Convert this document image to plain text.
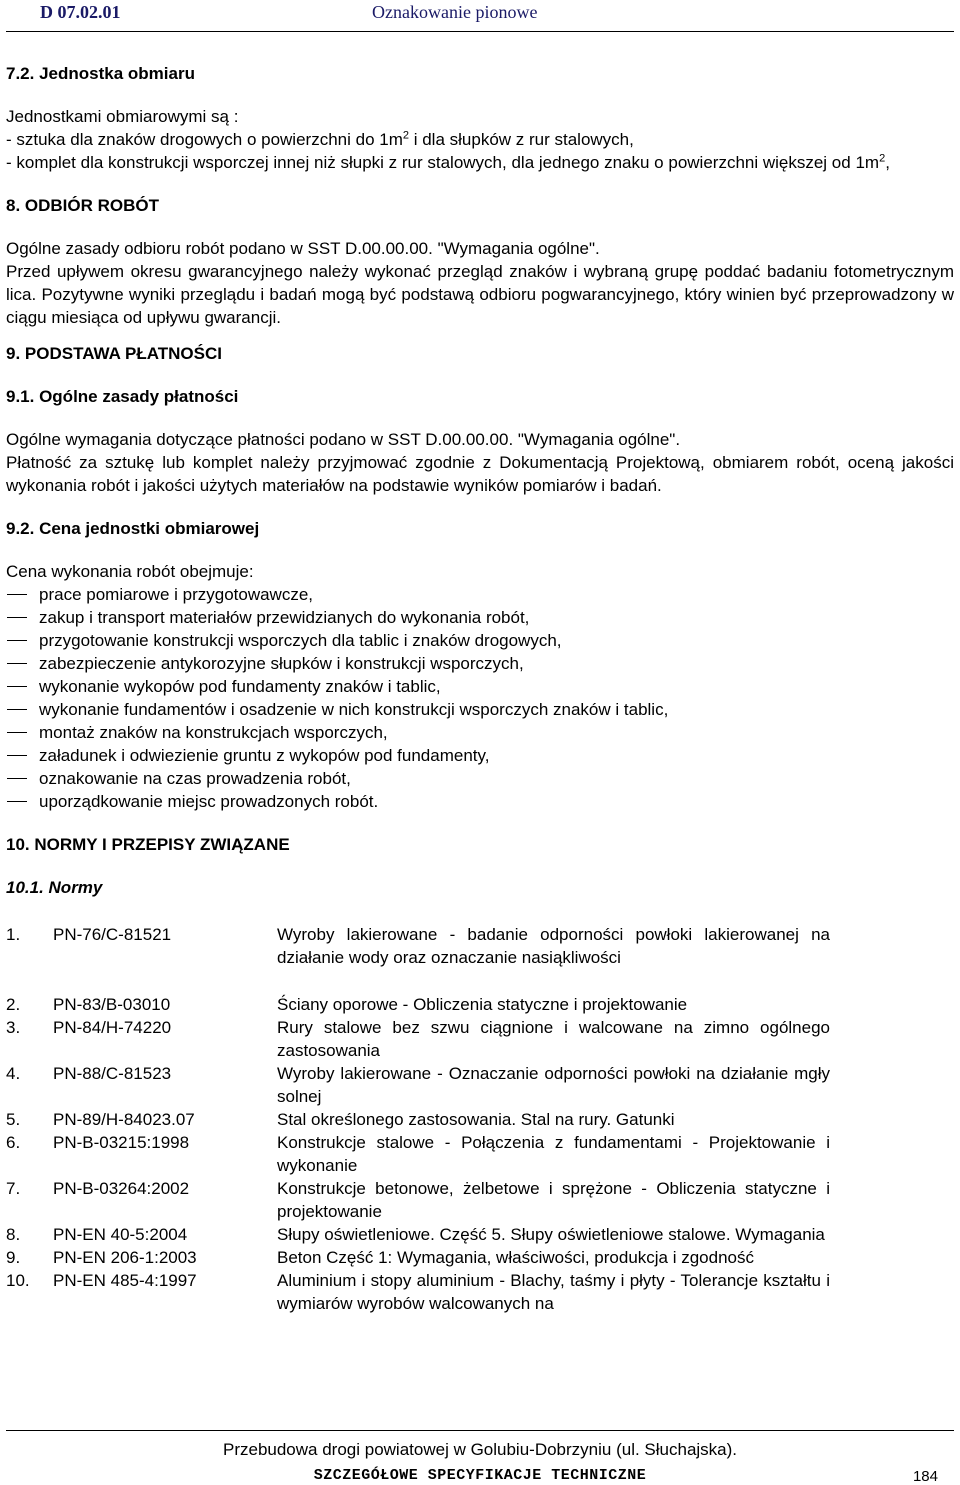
D 07.02.01	Oznakowanie pionowe

7.2. Jednostka obmiaru

Jednostkami obmiarowymi są :

- sztuka dla znaków drogowych o powierzchni do $1m^2$ i dla słupków z rur stalowych,

- komplet dla konstrukcji wsporczej innej niż słupki z rur stalowych, dla jednego znaku o powierzchni większej od $1m^2$,

8. ODBIÓR ROBÓT

Ogólne zasady odbioru robót podano w SST D.00.00.00. "Wymagania ogólne".

Przed upływem okresu gwarancyjnego należy wykonać przegląd znaków i wybraną grupę poddać badaniu fotometrycznym lica. Pozytywne wyniki przeglądu i badań mogą być podstawą odbioru pogwarancyjnego, który winien być przeprowadzony w ciągu miesiąca od upływu gwarancji.

9. PODSTAWA PŁATNOŚCI

9.1. Ogólne zasady płatności

Ogólne wymagania dotyczące płatności podano w SST D.00.00.00. "Wymagania ogólne".

Płatność za sztukę lub komplet należy przyjmować zgodnie z Dokumentacją Projektową, obmiarem robót, oceną jakości wykonania robót i jakości użytych materiałów na podstawie wyników pomiarów i badań.

9.2. Cena jednostki obmiarowej

Cena wykonania robót obejmuje:

prace pomiarowe i przygotowawcze,
zakup i transport materiałów przewidzianych do wykonania robót,
przygotowanie konstrukcji wsporczych dla tablic i znaków drogowych,
zabezpieczenie antykorozyjne słupków i konstrukcji wsporczych,
wykonanie wykopów pod fundamenty znaków i tablic,
wykonanie fundamentów i osadzenie w nich konstrukcji wsporczych znaków i tablic,
montaż znaków na konstrukcjach wsporczych,
załadunek i odwiezienie gruntu z wykopów pod fundamenty,
oznakowanie na czas prowadzenia robót,
uporządkowanie miejsc prowadzonych robót.

10. NORMY I PRZEPISY ZWIĄZANE

10.1. Normy

1.	PN-76/C-81521	Wyroby lakierowane - badanie odporności powłoki lakierowanej na działanie wody oraz oznaczanie nasiąkliwości
2.	PN-83/B-03010	Ściany oporowe - Obliczenia statyczne i projektowanie
3.	PN-84/H-74220	Rury stalowe bez szwu ciągnione i walcowane na zimno ogólnego zastosowania
4.	PN-88/C-81523	Wyroby lakierowane - Oznaczanie odporności powłoki na działanie mgły solnej
5.	PN-89/H-84023.07	Stal określonego zastosowania. Stal na rury. Gatunki
6.	PN-B-03215:1998	Konstrukcje stalowe - Połączenia z fundamentami - Projektowanie i wykonanie
7.	PN-B-03264:2002	Konstrukcje betonowe, żelbetowe i sprężone - Obliczenia statyczne i projektowanie
8.	PN-EN 40-5:2004	Słupy oświetleniowe. Część 5. Słupy oświetleniowe stalowe. Wymagania
9.	PN-EN 206-1:2003	Beton Część 1: Wymagania, właściwości, produkcja i zgodność
10.	PN-EN 485-4:1997	Aluminium i stopy aluminium - Blachy, taśmy i płyty - Tolerancje kształtu i wymiarów wyrobów walcowanych na
Przebudowa drogi powiatowej w Golubiu-Dobrzyniu (ul. Słuchajska).
SZCZEGÓŁOWE SPECYFIKACJE TECHNICZNE	184
